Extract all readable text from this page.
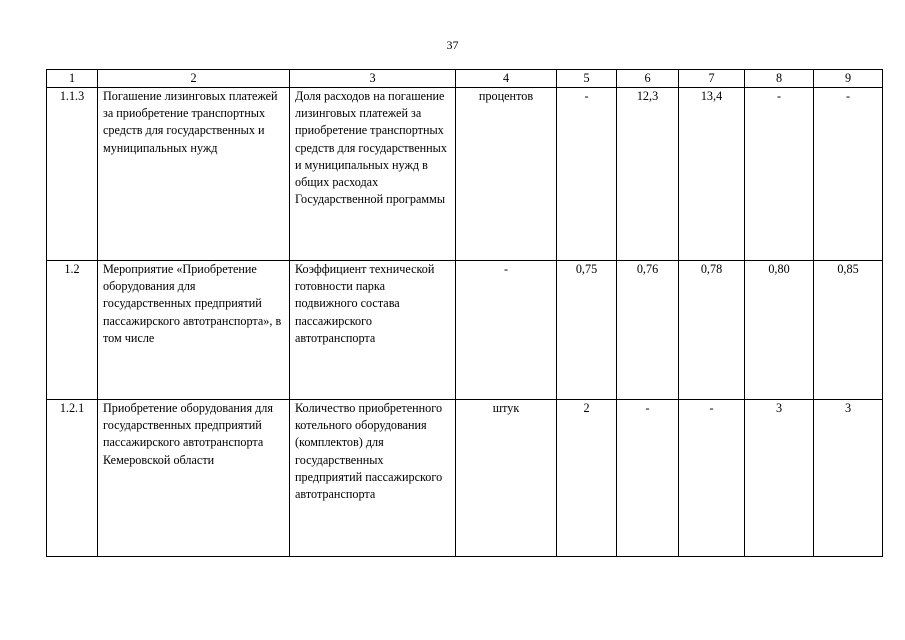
37
1	2	3	4	5	6	7	8	9
1.1.3	Погашение лизинговых платежей за приобретение транспортных средств для государственных и муниципальных нужд	Доля расходов на погашение лизинговых платежей за приобретение транспортных средств для государственных и муниципальных нужд в общих расходах Государственной программы	процентов	-	12,3	13,4	-	-
1.2	Мероприятие «Приобретение оборудования для государственных предприятий пассажирского автотранспорта», в том числе	Коэффициент технической готовности парка подвижного состава пассажирского автотранспорта	-	0,75	0,76	0,78	0,80	0,85
1.2.1	Приобретение оборудования для государственных предприятий пассажирского автотранспорта Кемеровской области	Количество приобретенного котельного оборудования (комплектов) для государственных предприятий пассажирского автотранспорта	штук	2	-	-	3	3
